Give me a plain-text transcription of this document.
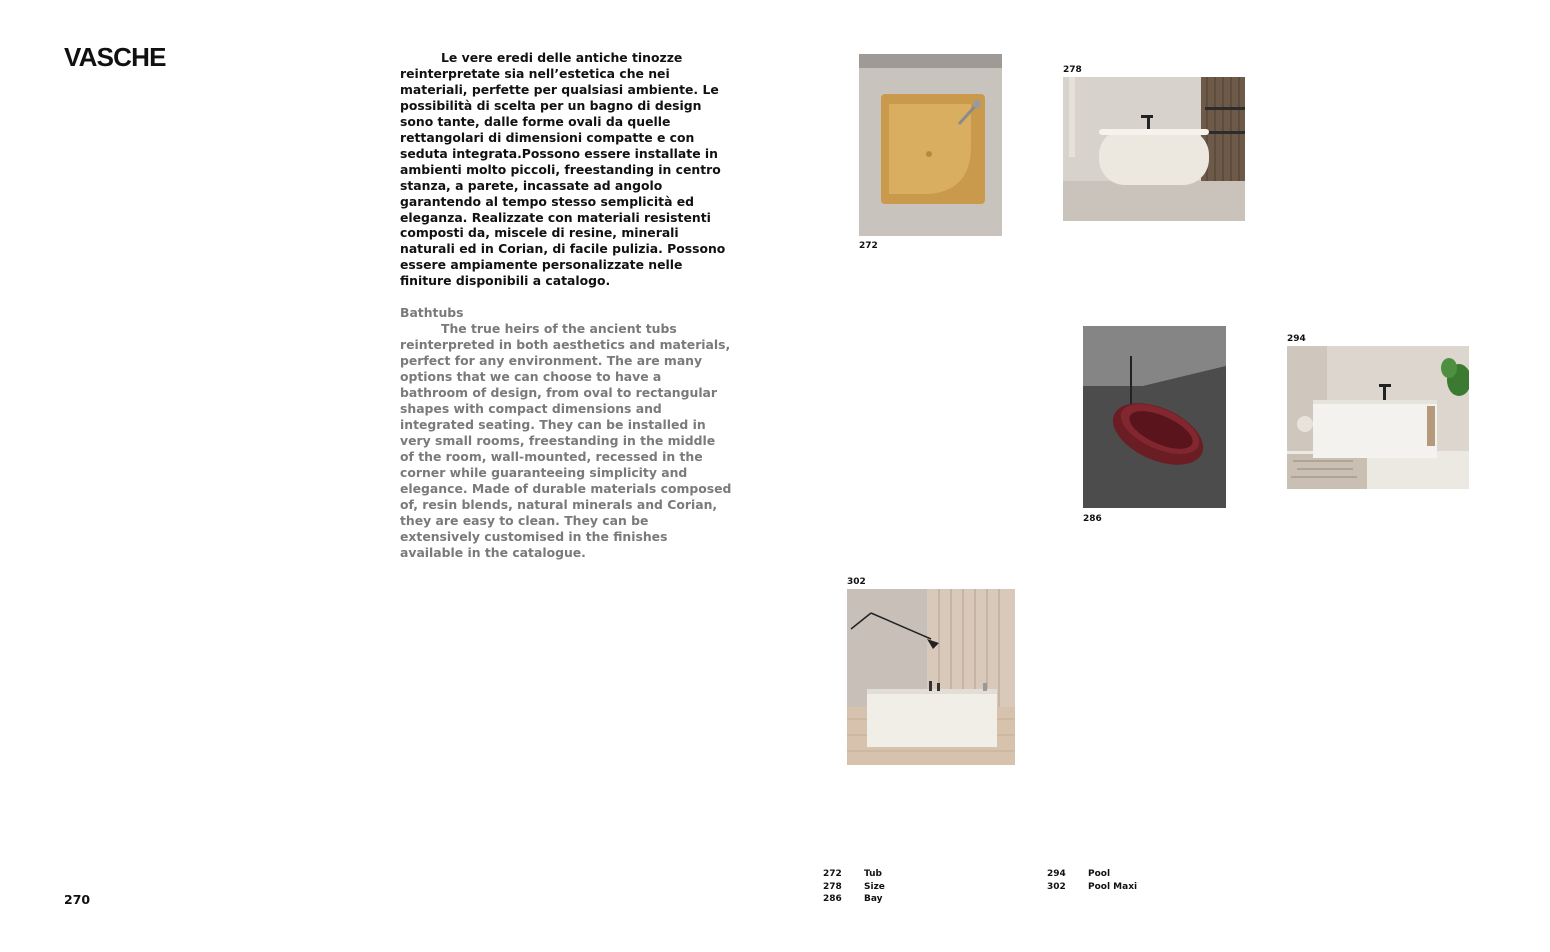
VASCHE	Le vere eredi delle antiche tinozze reinterpretate sia nell’estetica che nei materiali, perfette per qualsiasi ambiente. Le possibilità di scelta per un bagno di design sono tante, dalle forme ovali da quelle rettangolari di dimensioni compatte e con seduta integrata.Possono essere installate in ambienti molto piccoli, freestanding in centro stanza, a parete, incassate ad angolo garantendo al tempo stesso semplicità ed eleganza. Realizzate con materiali resistenti composti da, miscele di resine, minerali naturali ed in Corian, di facile pulizia. Possono essere ampiamente personalizzate nelle finiture disponibili a catalogo.

Bathtubs

The true heirs of the ancient tubs reinterpreted in both aesthetics and materials, perfect for any environment. The are many options that we can choose to have a bathroom of design, from oval to rectangular shapes with compact dimensions and integrated seating. They can be installed in very small rooms, freestanding in the middle of the room, wall-mounted, recessed in the corner while guaranteeing simplicity and elegance. Made of durable materials composed of, resin blends, natural minerals and Corian, they are easy to clean. They can be extensively customised in the finishes available in the catalogue.

272
278
286
294
302
272	Tub
278	Size
286	Bay
294	Pool
302	Pool Maxi
270
